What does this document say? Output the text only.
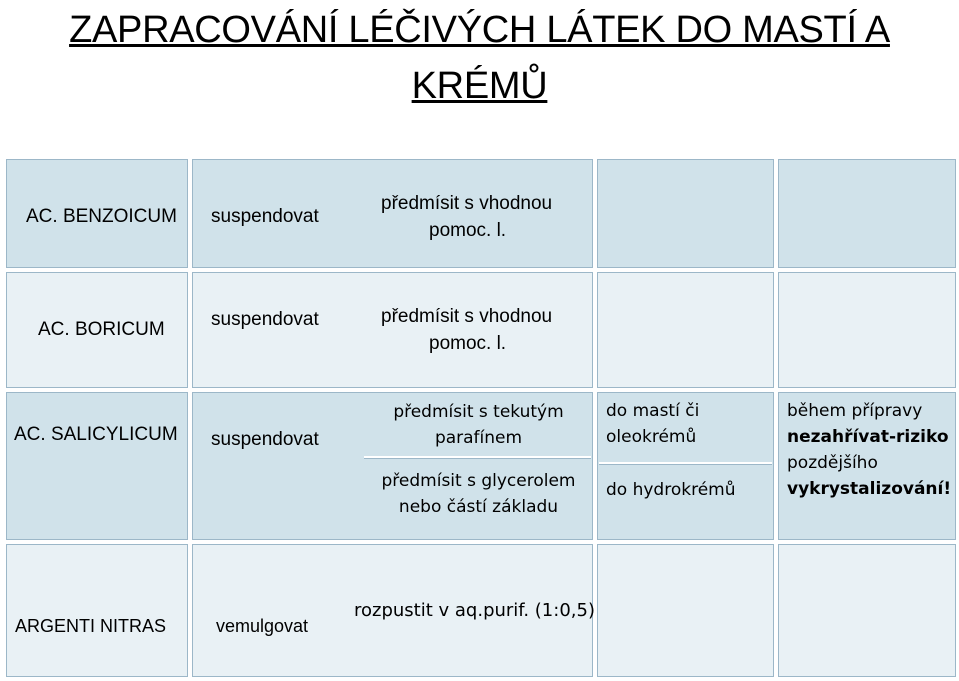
ZAPRACOVÁNÍ LÉČIVÝCH LÁTEK DO MASTÍ A
KRÉMŮ
AC. BENZOICUM suspendovat
předmísit s vhodnou
pomoc. l.
AC. BORICUM suspendovat	předmísit s vhodnou
pomoc. l.
AC. SALICYLICUM suspendovat
předmísit s tekutým
parafínem
předmísit s glycerolem
nebo částí základu
do mastí či
oleokrémů
do hydrokrémů
během přípravy
nezahřívat-riziko
pozdějšího
vykrystalizování!
ARGENTI NITRAS	vemulgovat
rozpustit v aq.purif. (1:0,5)
